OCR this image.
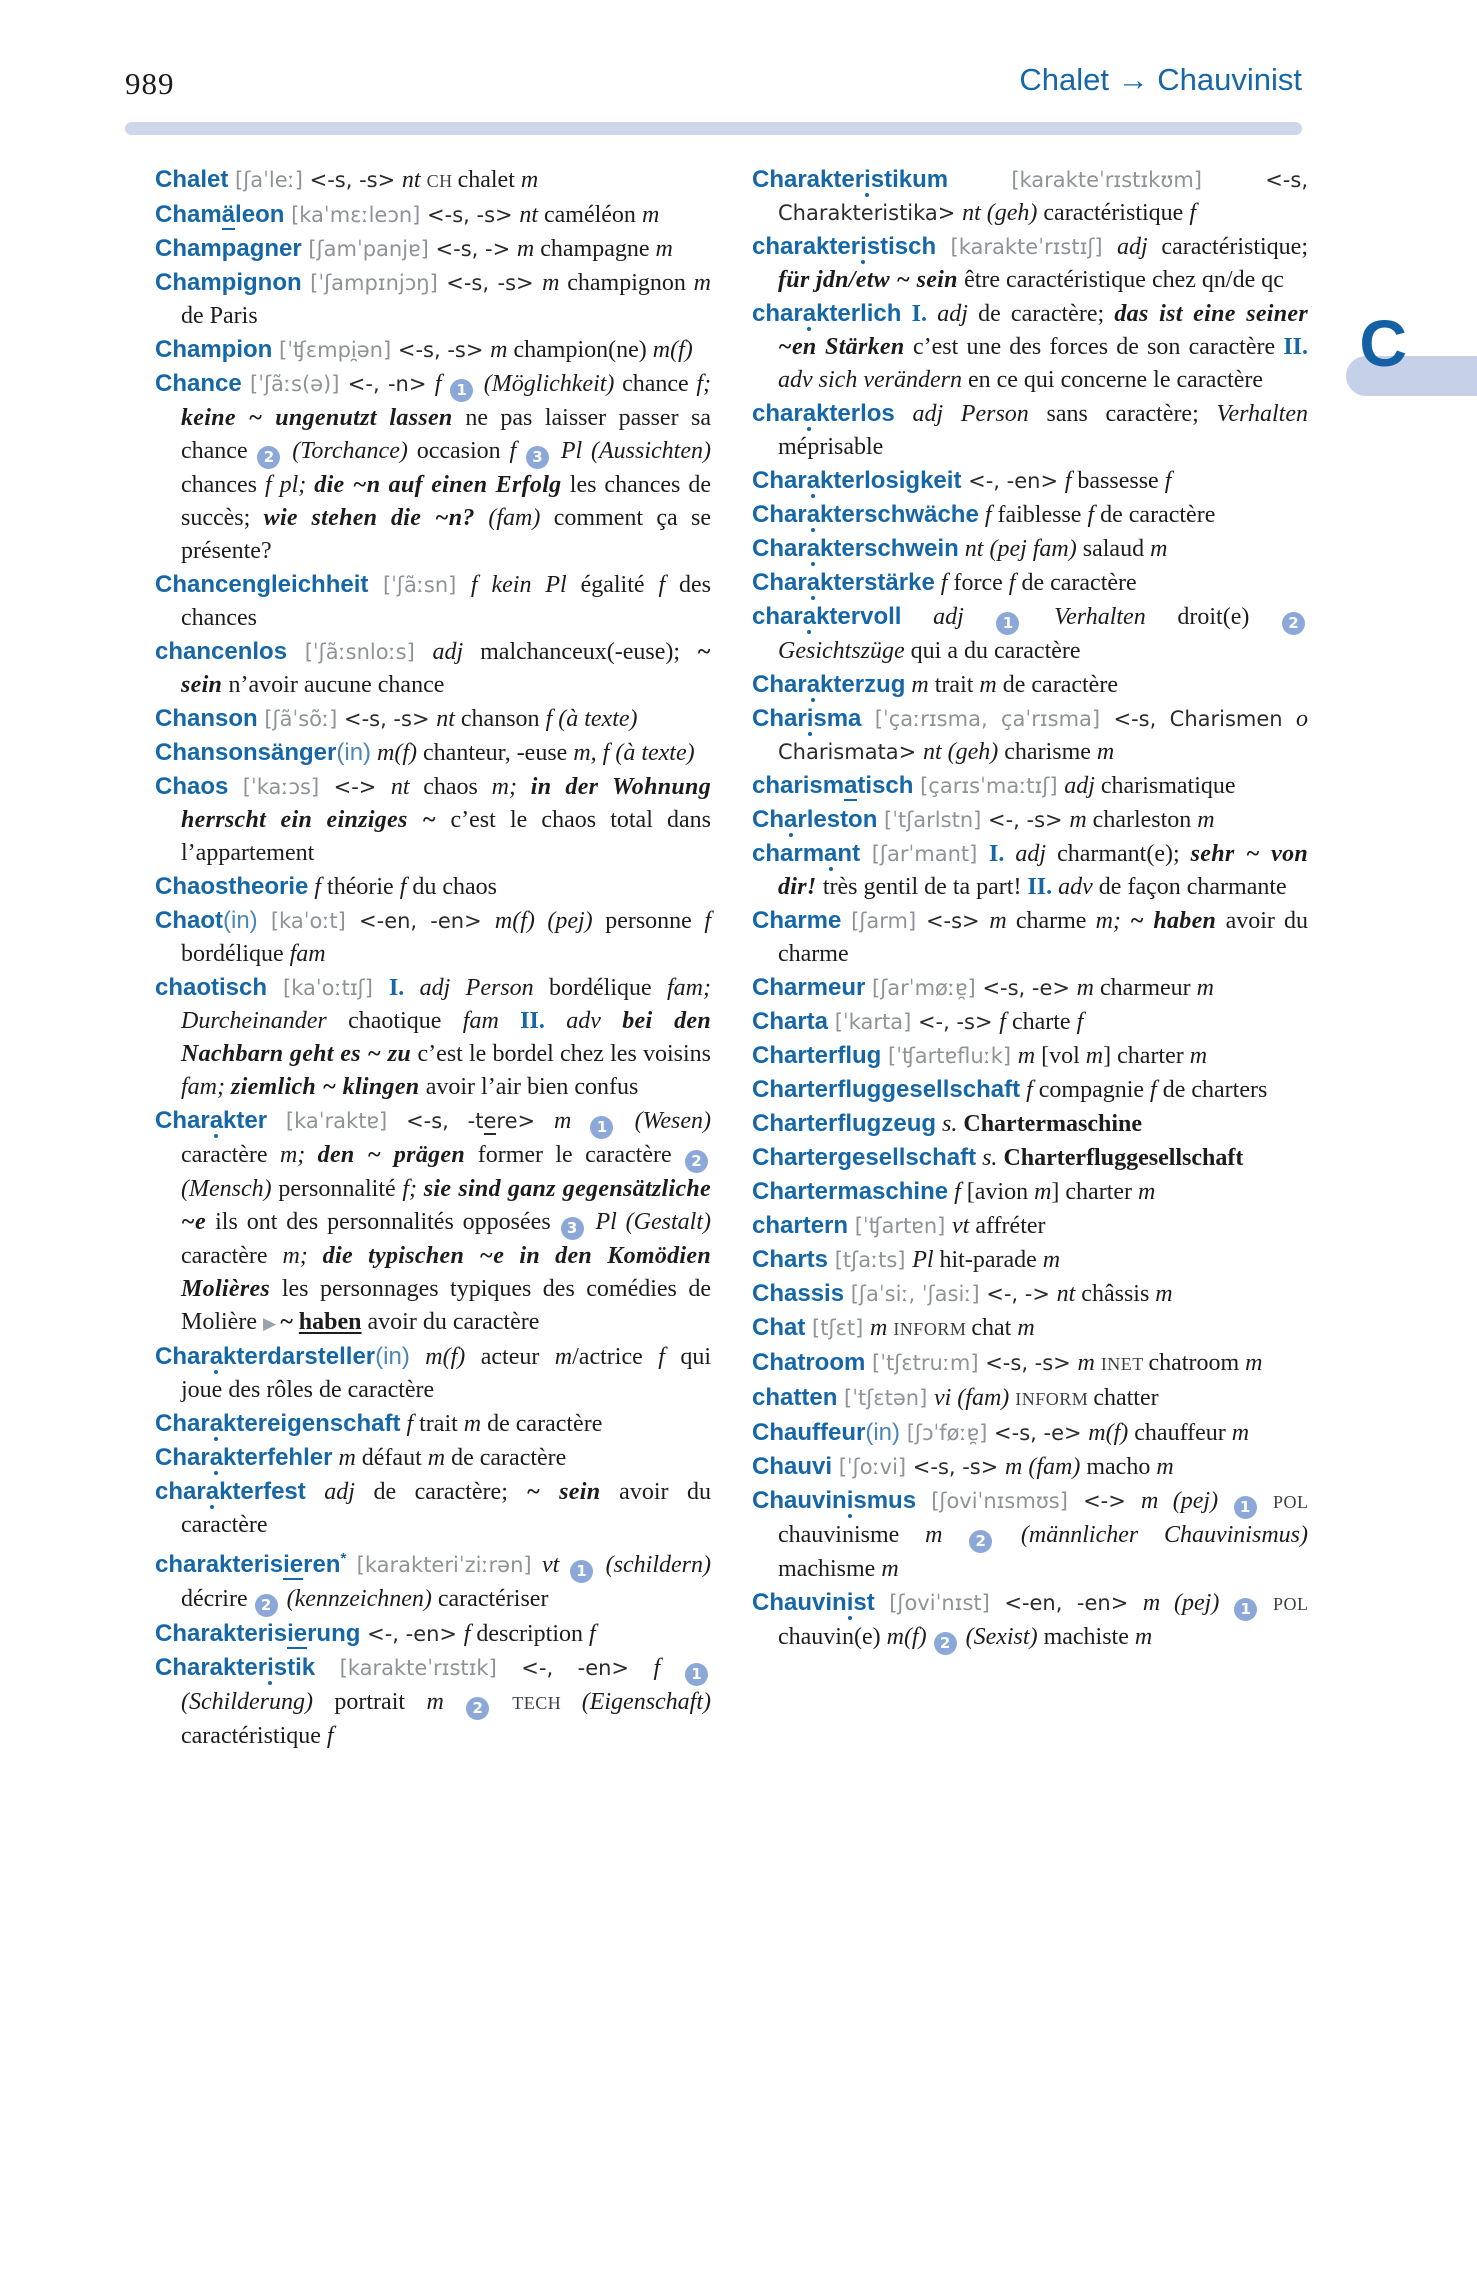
989	Chalet → Chauvinist
C

Chalet [ʃaˈleː] <-s, -s> nt CH chalet m

Chamäleon [kaˈmɛːleɔn] <-s, -s> nt caméléon m

Champagner [ʃamˈpanjɐ] <-s, -> m champagne m

Champignon [ˈʃampɪnjɔŋ] <-s, -s> m champignon m de Paris

Champion [ˈʧɛmpi̯ən] <-s, -s> m champion(ne) m(f)

Chance [ˈʃãːs(ə)] <-, -n> f 1 (Möglichkeit) chance f; keine ~ ungenutzt lassen ne pas laisser passer sa chance 2 (Torchance) occasion f 3 Pl (Aussichten) chances f pl; die ~n auf einen Erfolg les chances de succès; wie stehen die ~n? (fam) comment ça se présente?

Chancengleichheit [ˈʃãːsn] f kein Pl égalité f des chances

chancenlos [ˈʃãːsnloːs] adj malchanceux(-euse); ~ sein n’avoir aucune chance

Chanson [ʃãˈsõː] <-s, -s> nt chanson f (à texte)

Chansonsänger(in) m(f) chanteur, -euse m, f (à texte)

Chaos [ˈkaːɔs] <-> nt chaos m; in der Wohnung herrscht ein einziges ~ c’est le chaos total dans l’appartement

Chaostheorie f théorie f du chaos

Chaot(in) [kaˈoːt] <-en, -en> m(f) (pej) personne f bordélique fam

chaotisch [kaˈoːtɪʃ] I. adj Person bordélique fam; Durcheinander chaotique fam II. adv bei den Nachbarn geht es ~ zu c’est le bordel chez les voisins fam; ziemlich ~ klingen avoir l’air bien confus

Charakter [kaˈraktɐ] <-s, -tere> m 1 (Wesen) caractère m; den ~ prägen former le caractère 2 (Mensch) personnalité f; sie sind ganz gegensätzliche ~e ils ont des personnalités opposées 3 Pl (Gestalt) caractère m; die typischen ~e in den Komödien Molières les personnages typiques des comédies de Molière ▶ ~ haben avoir du caractère

Charakterdarsteller(in) m(f) acteur m/actrice f qui joue des rôles de caractère

Charaktereigenschaft f trait m de caractère

Charakterfehler m défaut m de caractère

charakterfest adj de caractère; ~ sein avoir du caractère

charakterisieren* [karakteriˈziːrən] vt 1 (schildern) décrire 2 (kennzeichnen) caractériser

Charakterisierung <-, -en> f description f

Charakteristik [karakteˈrɪstɪk] <-, -en> f 1 (Schilderung) portrait m 2 TECH (Eigenschaft) caractéristique f

Charakteristikum [karakteˈrɪstɪkʊm] <-s, Charakteristika> nt (geh) caractéristique f

charakteristisch [karakteˈrɪstɪʃ] adj caractéristique; für jdn/etw ~ sein être caractéristique chez qn/de qc

charakterlich I. adj de caractère; das ist eine seiner ~en Stärken c’est une des forces de son caractère II. adv sich verändern en ce qui concerne le caractère

charakterlos adj Person sans caractère; Verhalten méprisable

Charakterlosigkeit <-, -en> f bassesse f

Charakterschwäche f faiblesse f de caractère

Charakterschwein nt (pej fam) salaud m

Charakterstärke f force f de caractère

charaktervoll adj 1 Verhalten droit(e) 2 Gesichtszüge qui a du caractère

Charakterzug m trait m de caractère

Charisma [ˈçaːrɪsma, çaˈrɪsma] <-s, Charismen o Charismata> nt (geh) charisme m

charismatisch [çarɪsˈmaːtɪʃ] adj charismatique

Charleston [ˈtʃarlstn] <-, -s> m charleston m

charmant [ʃarˈmant] I. adj charmant(e); sehr ~ von dir! très gentil de ta part! II. adv de façon charmante

Charme [ʃarm] <-s> m charme m; ~ haben avoir du charme

Charmeur [ʃarˈmøːɐ̯] <-s, -e> m charmeur m

Charta [ˈkarta] <-, -s> f charte f

Charterflug [ˈʧartɐfluːk] m [vol m] charter m

Charterfluggesellschaft f compagnie f de charters

Charterflugzeug s. Chartermaschine

Chartergesellschaft s. Charterfluggesellschaft

Chartermaschine f [avion m] charter m

chartern [ˈʧartɐn] vt affréter

Charts [tʃaːts] Pl hit-parade m

Chassis [ʃaˈsiː, ˈʃasiː] <-, -> nt châssis m

Chat [tʃɛt] m INFORM chat m

Chatroom [ˈtʃɛtruːm] <-s, -s> m INET chatroom m

chatten [ˈtʃɛtən] vi (fam) INFORM chatter

Chauffeur(in) [ʃɔˈføːɐ̯] <-s, -e> m(f) chauffeur m

Chauvi [ˈʃoːvi] <-s, -s> m (fam) macho m

Chauvinismus [ʃoviˈnɪsmʊs] <-> m (pej) 1 POL chauvinisme m 2 (männlicher Chauvinismus) machisme m

Chauvinist [ʃoviˈnɪst] <-en, -en> m (pej) 1 POL chauvin(e) m(f) 2 (Sexist) machiste m
